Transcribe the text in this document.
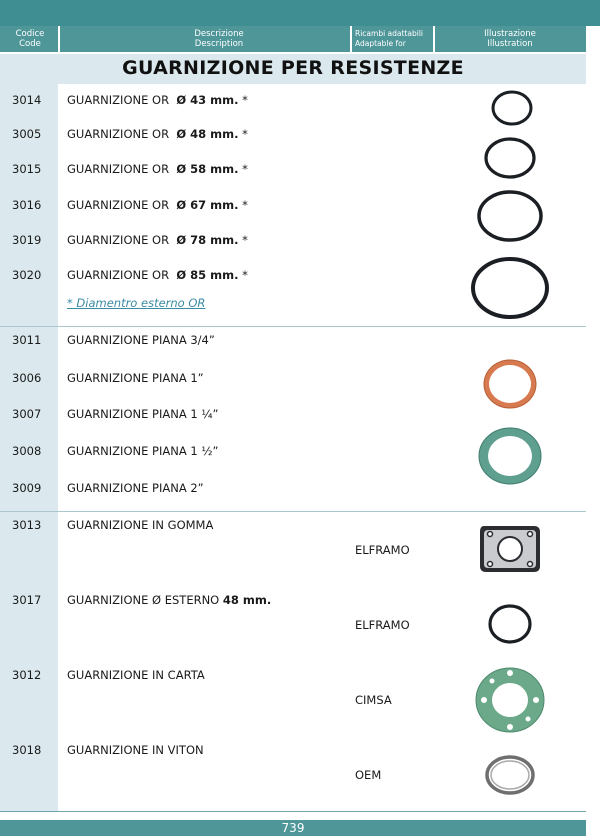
Codice
Code
Descrizione
Description
Ricambi adattabili
Adaptable for
Illustrazione
Illustration
GUARNIZIONE PER RESISTENZE
3014 GUARNIZIONE OR Ø 43 mm. *
3005 GUARNIZIONE OR Ø 48 mm. *
3015 GUARNIZIONE OR Ø 58 mm. *
3016 GUARNIZIONE OR Ø 67 mm. *
3019 GUARNIZIONE OR Ø 78 mm. *
3020 GUARNIZIONE OR Ø 85 mm. *
* Diamentro esterno OR
3011 GUARNIZIONE PIANA 3/4”
3006 GUARNIZIONE PIANA 1”
3007 GUARNIZIONE PIANA 1 ¼”
3008 GUARNIZIONE PIANA 1 ½”
3009 GUARNIZIONE PIANA 2”
3013 GUARNIZIONE IN GOMMA
ELFRAMO
3017 GUARNIZIONE Ø ESTERNO 48 mm.
ELFRAMO
3012 GUARNIZIONE IN CARTA
CIMSA
3018 GUARNIZIONE IN VITON
OEM
739
